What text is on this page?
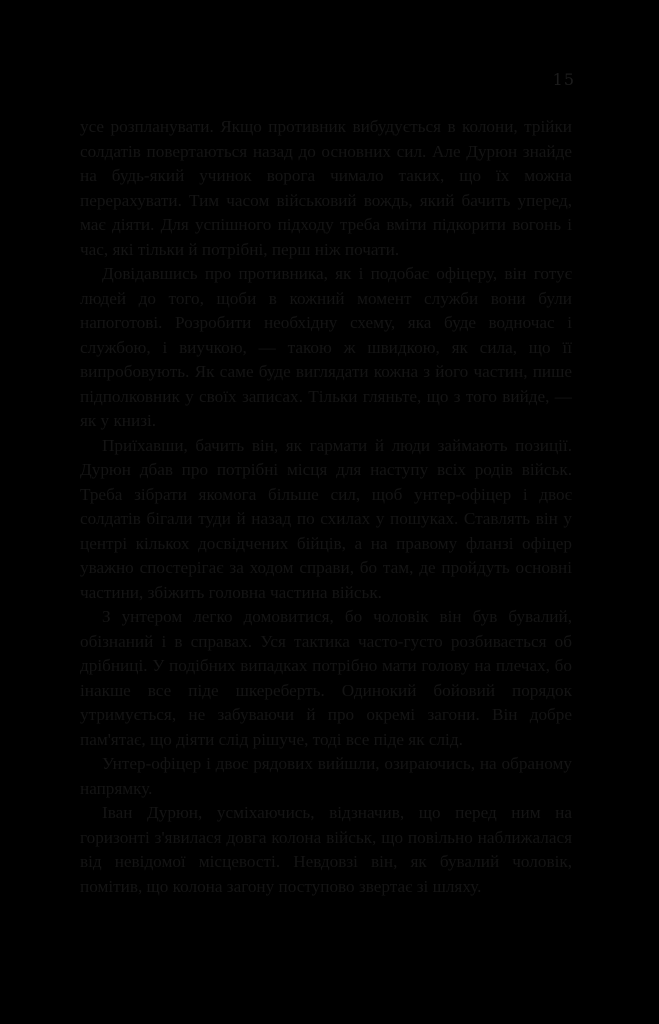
15

усе розпланувати. Якщо противник вибудується в колони, трійки солдатів повертаються назад до основних сил. Але Дурюн знайде на будь-який учинок ворога чимало таких, що їх можна перерахувати. Тим часом військовий вождь, який бачить уперед, має діяти. Для успішного підходу треба вміти підкорити вогонь і час, які тільки й потрібні, перш ніж почати.

Довідавшись про противника, як і подобає офіцеру, він готує людей до того, щоби в кожний момент служби вони були напоготові. Розробити необхідну схему, яка буде водночас і службою, і виучкою, — такою ж швидкою, як сила, що її випробовують. Як саме буде виглядати кожна з його частин, пише підполковник у своїх записах. Тільки гляньте, що з того вийде, — як у книзі.

Приїхавши, бачить він, як гармати й люди займають позиції. Дурюн дбав про потрібні місця для наступу всіх родів військ. Треба зібрати якомога більше сил, щоб унтер-офіцер і двоє солдатів бігали туди й назад по схилах у пошуках. Ставлять він у центрі кількох досвідчених бійців, а на правому фланзі офіцер уважно спостерігає за ходом справи, бо там, де пройдуть основні частини, збіжить головна частина військ.

З унтером легко домовитися, бо чоловік він був бувалий, обізнаний і в справах. Уся тактика часто-густо розбивається об дрібниці. У подібних випадках потрібно мати голову на плечах, бо інакше все піде шкереберть. Одинокий бойовий порядок утримується, не забуваючи й про окремі загони. Він добре пам'ятає, що діяти слід рішуче, тоді все піде як слід.

Унтер-офіцер і двоє рядових вийшли, озираючись, на обраному напрямку.

Іван Дурюн, усміхаючись, відзначив, що перед ним на горизонті з'явилася довга колона військ, що повільно наближалася від невідомої місцевості. Невдовзі він, як бувалий чоловік, помітив, що колона загону поступово звертає зі шляху.
